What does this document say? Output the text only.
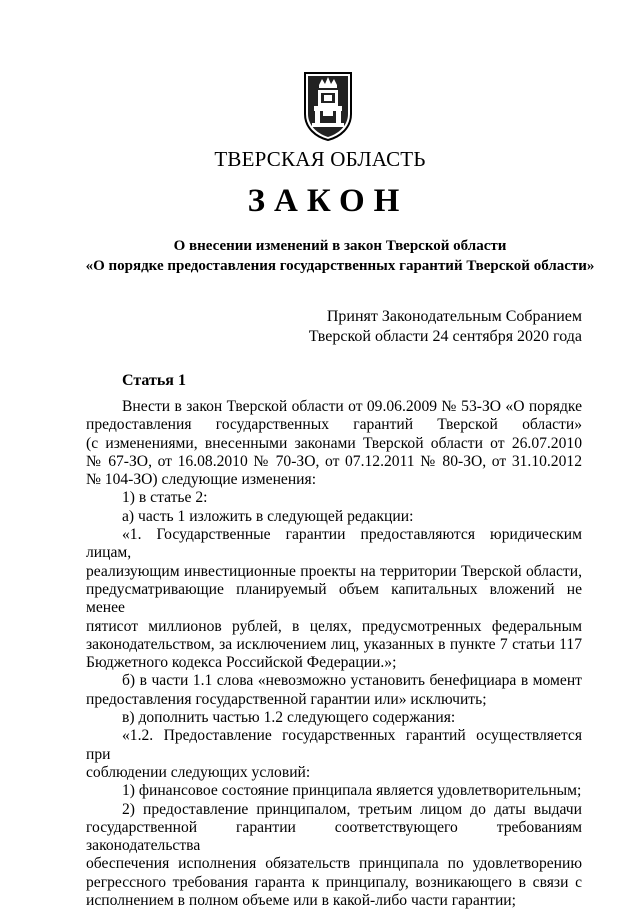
ТВЕРСКАЯ ОБЛАСТЬ
ЗАКОН
О внесении изменений в закон Тверской области
«О порядке предоставления государственных гарантий Тверской области»
Принят Законодательным Собранием
Тверской области 24 сентября 2020 года
Статья 1

Внести в закон Тверской области от 09.06.2009 № 53-ЗО «О порядке

предоставления государственных гарантий Тверской области»

(с изменениями, внесенными законами Тверской области от 26.07.2010

№ 67-ЗО, от 16.08.2010 № 70-ЗО, от 07.12.2011 № 80-ЗО, от 31.10.2012

№ 104-ЗО) следующие изменения:

1) в статье 2:

а) часть 1 изложить в следующей редакции:

«1. Государственные гарантии предоставляются юридическим лицам,

реализующим инвестиционные проекты на территории Тверской области,

предусматривающие планируемый объем капитальных вложений не менее

пятисот миллионов рублей, в целях, предусмотренных федеральным

законодательством, за исключением лиц, указанных в пункте 7 статьи 117

Бюджетного кодекса Российской Федерации.»;

б) в части 1.1 слова «невозможно установить бенефициара в момент

предоставления государственной гарантии или» исключить;

в) дополнить частью 1.2 следующего содержания:

«1.2. Предоставление государственных гарантий осуществляется при

соблюдении следующих условий:

1) финансовое состояние принципала является удовлетворительным;

2) предоставление принципалом, третьим лицом до даты выдачи

государственной гарантии соответствующего требованиям законодательства

обеспечения исполнения обязательств принципала по удовлетворению

регрессного требования гаранта к принципалу, возникающего в связи с

исполнением в полном объеме или в какой-либо части гарантии;
